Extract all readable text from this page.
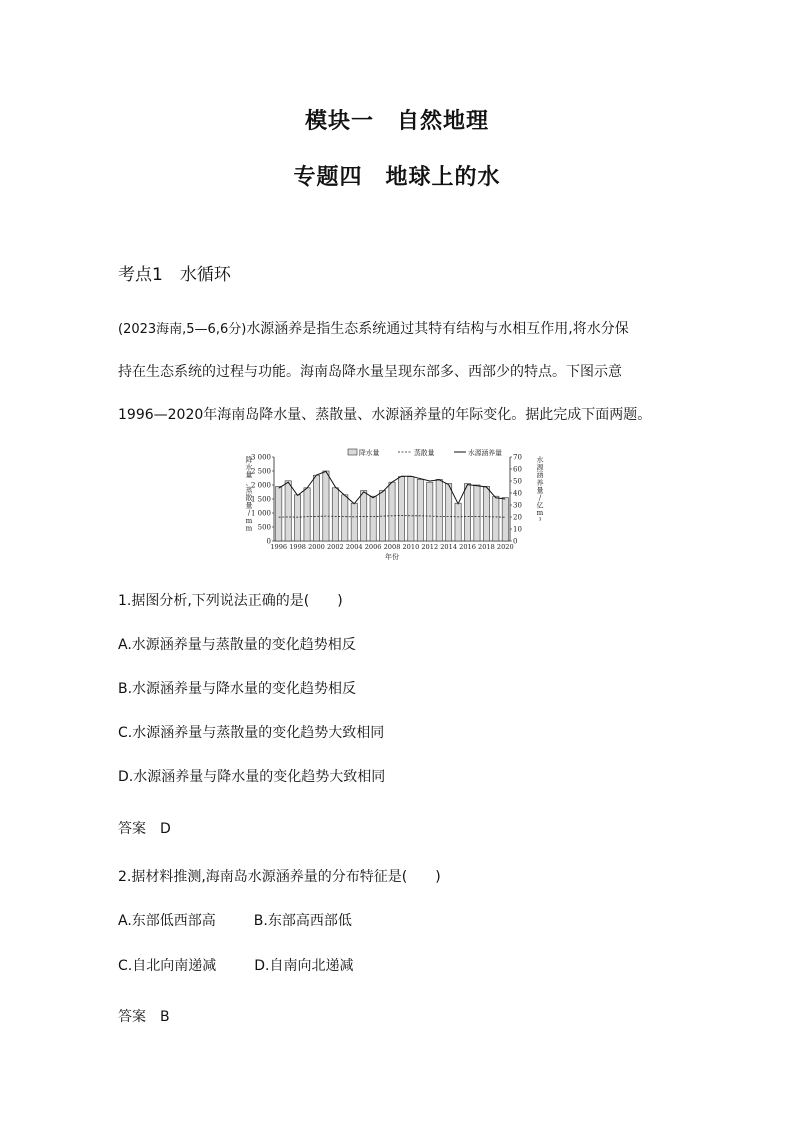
模块一　自然地理
专题四　地球上的水
考点1　水循环
(2023海南,5—6,6分)水源涵养是指生态系统通过其特有结构与水相互作用,将水分保
持在生态系统的过程与功能。海南岛降水量呈现东部多、西部少的特点。下图示意
1996—2020年海南岛降水量、蒸散量、水源涵养量的年际变化。据此完成下面两题。
0
500
1 000
1 500
2 000
2 500
3 000
0
10
20
30
40
50
60
70
1996 1998 2000 2002 2004 2006 2008 2010 2012 2014 2016 2018 2020
年份
降
水
量
、
蒸
散
量
/
m
m
水
源
涵
养
量
/
亿
m
³
降水量	蒸散量	水源涵养量
1.据图分析,下列说法正确的是(　　)
A.水源涵养量与蒸散量的变化趋势相反
B.水源涵养量与降水量的变化趋势相反
C.水源涵养量与蒸散量的变化趋势大致相同
D.水源涵养量与降水量的变化趋势大致相同
答案　D
2.据材料推测,海南岛水源涵养量的分布特征是(　　)
A.东部低西部高	B.东部高西部低
C.自北向南递减	D.自南向北递减
答案　B
